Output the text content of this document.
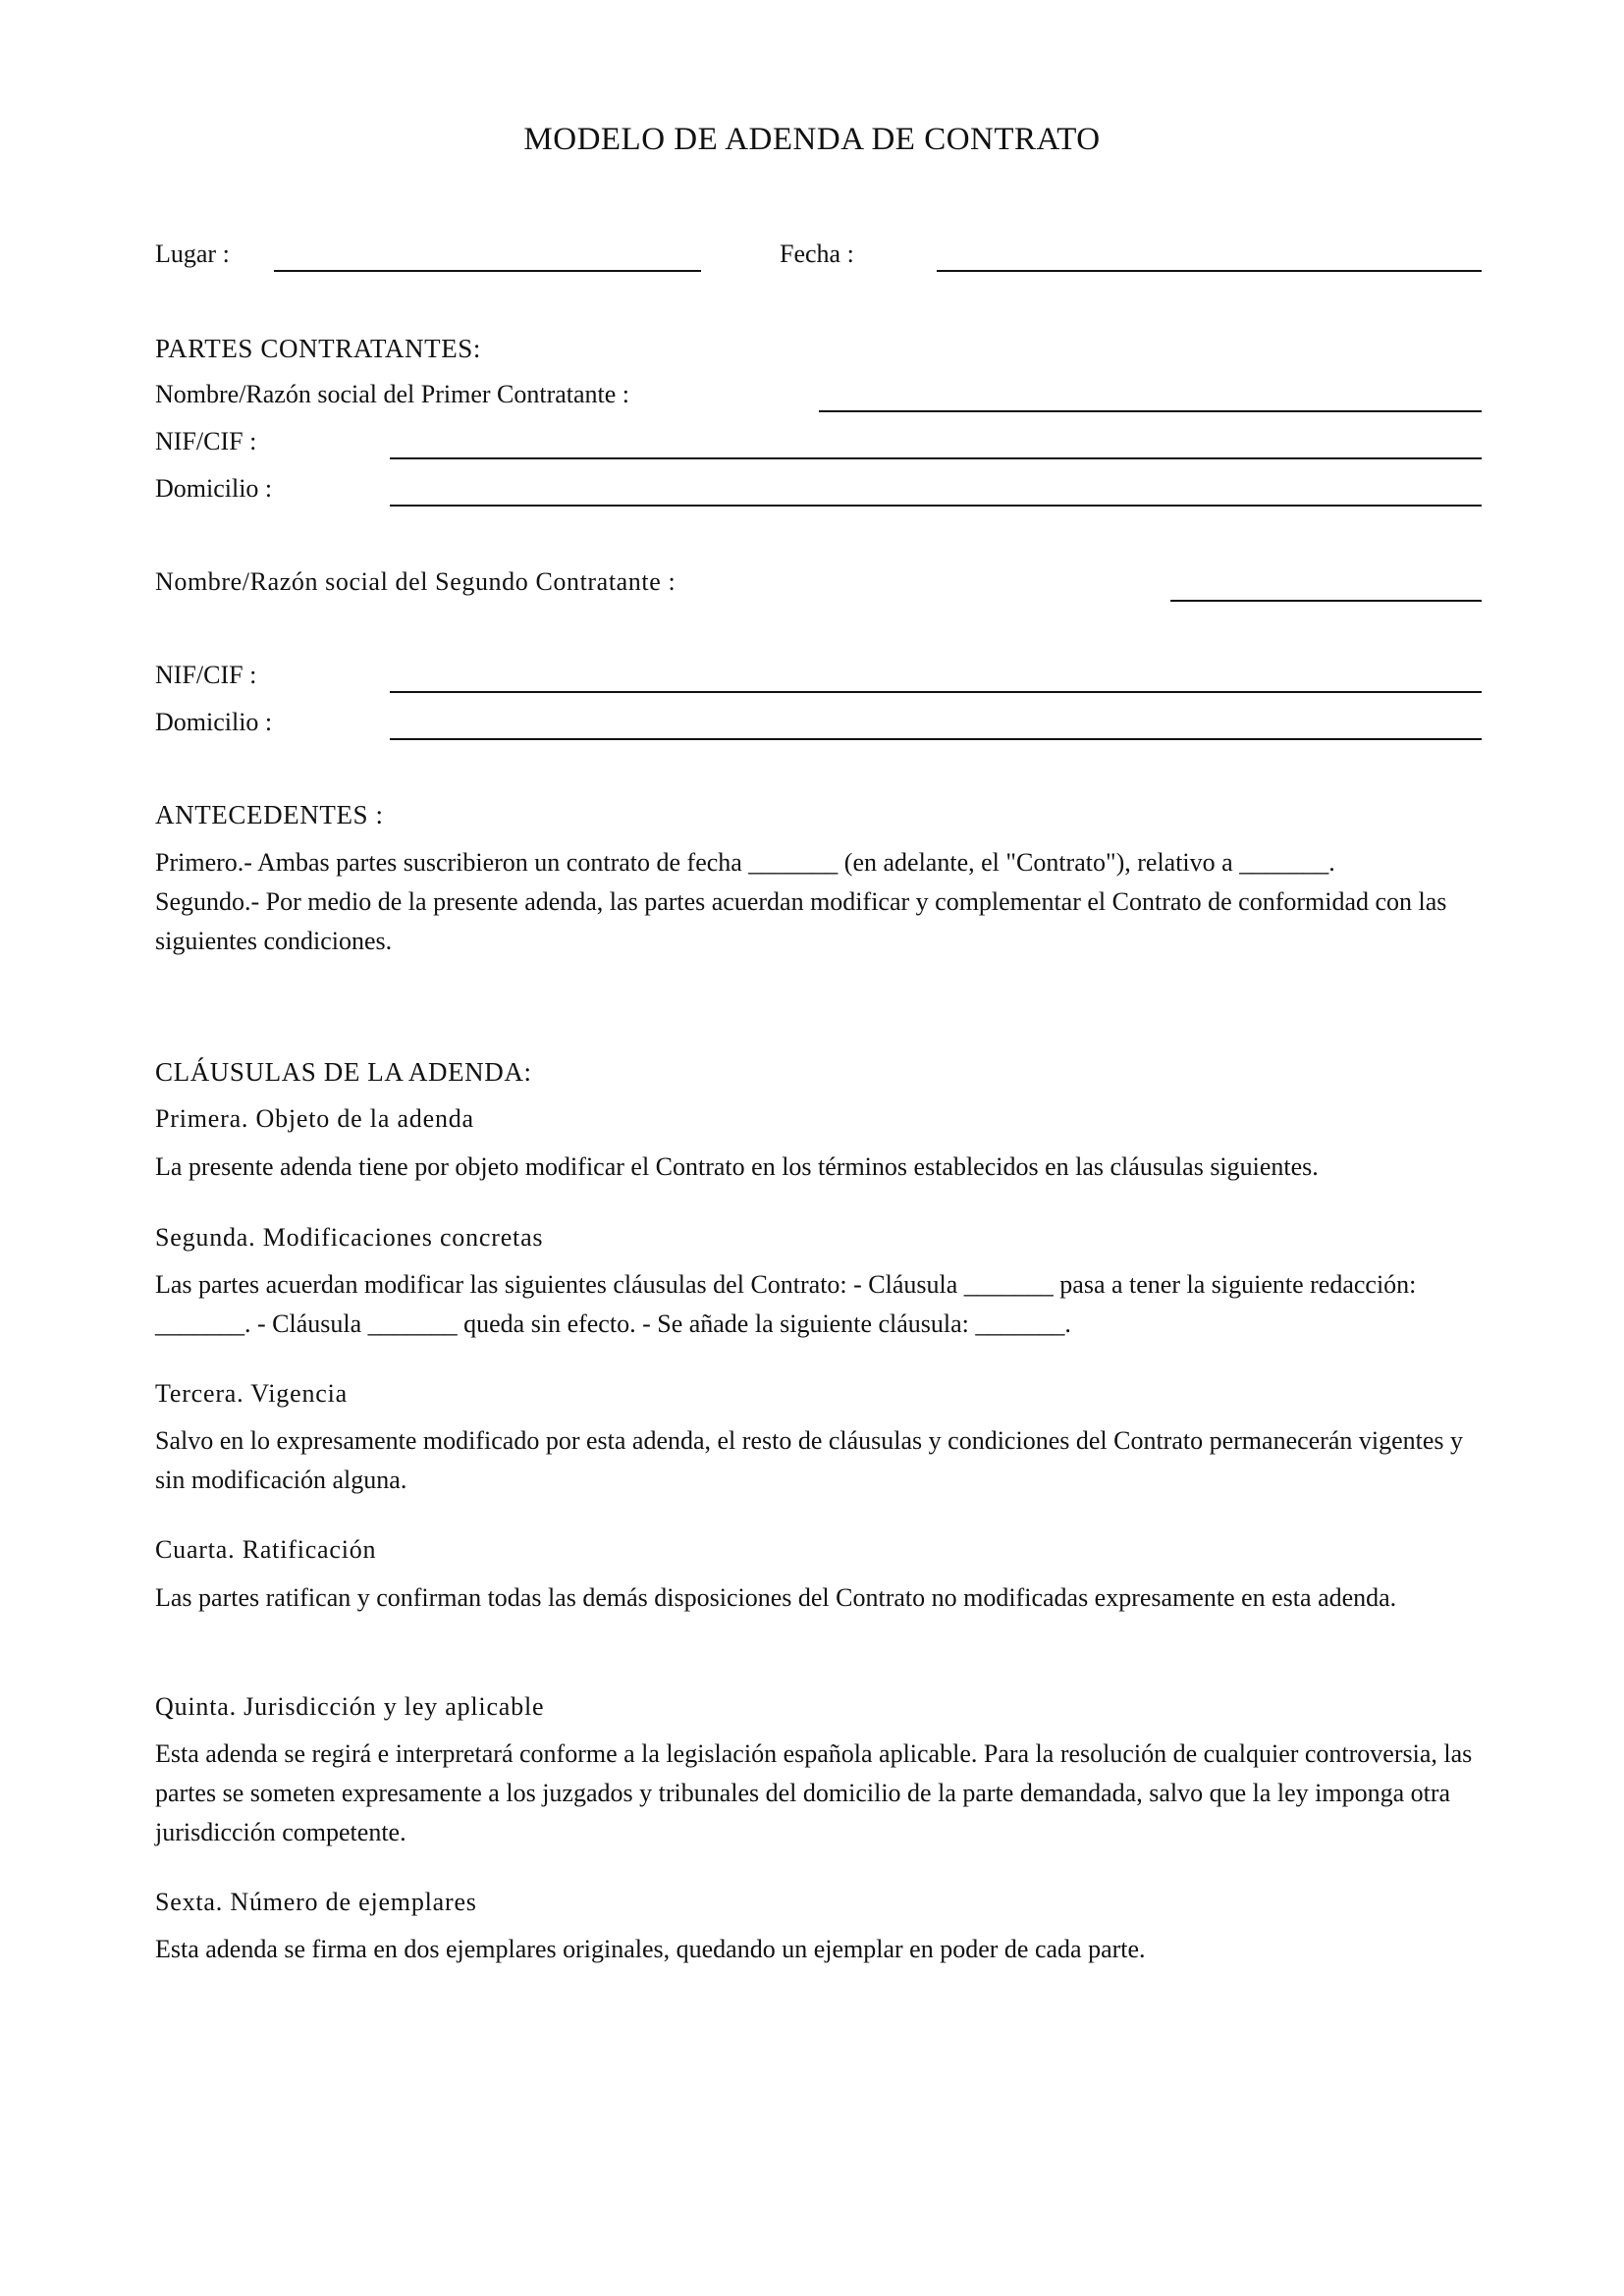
MODELO DE ADENDA DE CONTRATO
Lugar :	Fecha :
PARTES CONTRATANTES:
Nombre/Razón social del Primer Contratante :
NIF/CIF :
Domicilio :
Nombre/Razón social del Segundo Contratante :
NIF/CIF :
Domicilio :
ANTECEDENTES :

Primero.- Ambas partes suscribieron un contrato de fecha _______ (en adelante, el "Contrato"), relativo a _______.

Segundo.- Por medio de la presente adenda, las partes acuerdan modificar y complementar el Contrato de conformidad con las siguientes condiciones.

CLÁUSULAS DE LA ADENDA:
Primera. Objeto de la adenda
La presente adenda tiene por objeto modificar el Contrato en los términos establecidos en las cláusulas siguientes.
Segunda. Modificaciones concretas
Las partes acuerdan modificar las siguientes cláusulas del Contrato: - Cláusula _______ pasa a tener la siguiente redacción: _______. - Cláusula _______ queda sin efecto. - Se añade la siguiente cláusula: _______.
Tercera. Vigencia
Salvo en lo expresamente modificado por esta adenda, el resto de cláusulas y condiciones del Contrato permanecerán vigentes y sin modificación alguna.
Cuarta. Ratificación
Las partes ratifican y confirman todas las demás disposiciones del Contrato no modificadas expresamente en esta adenda.
Quinta. Jurisdicción y ley aplicable
Esta adenda se regirá e interpretará conforme a la legislación española aplicable. Para la resolución de cualquier controversia, las partes se someten expresamente a los juzgados y tribunales del domicilio de la parte demandada, salvo que la ley imponga otra jurisdicción competente.
Sexta. Número de ejemplares
Esta adenda se firma en dos ejemplares originales, quedando un ejemplar en poder de cada parte.
